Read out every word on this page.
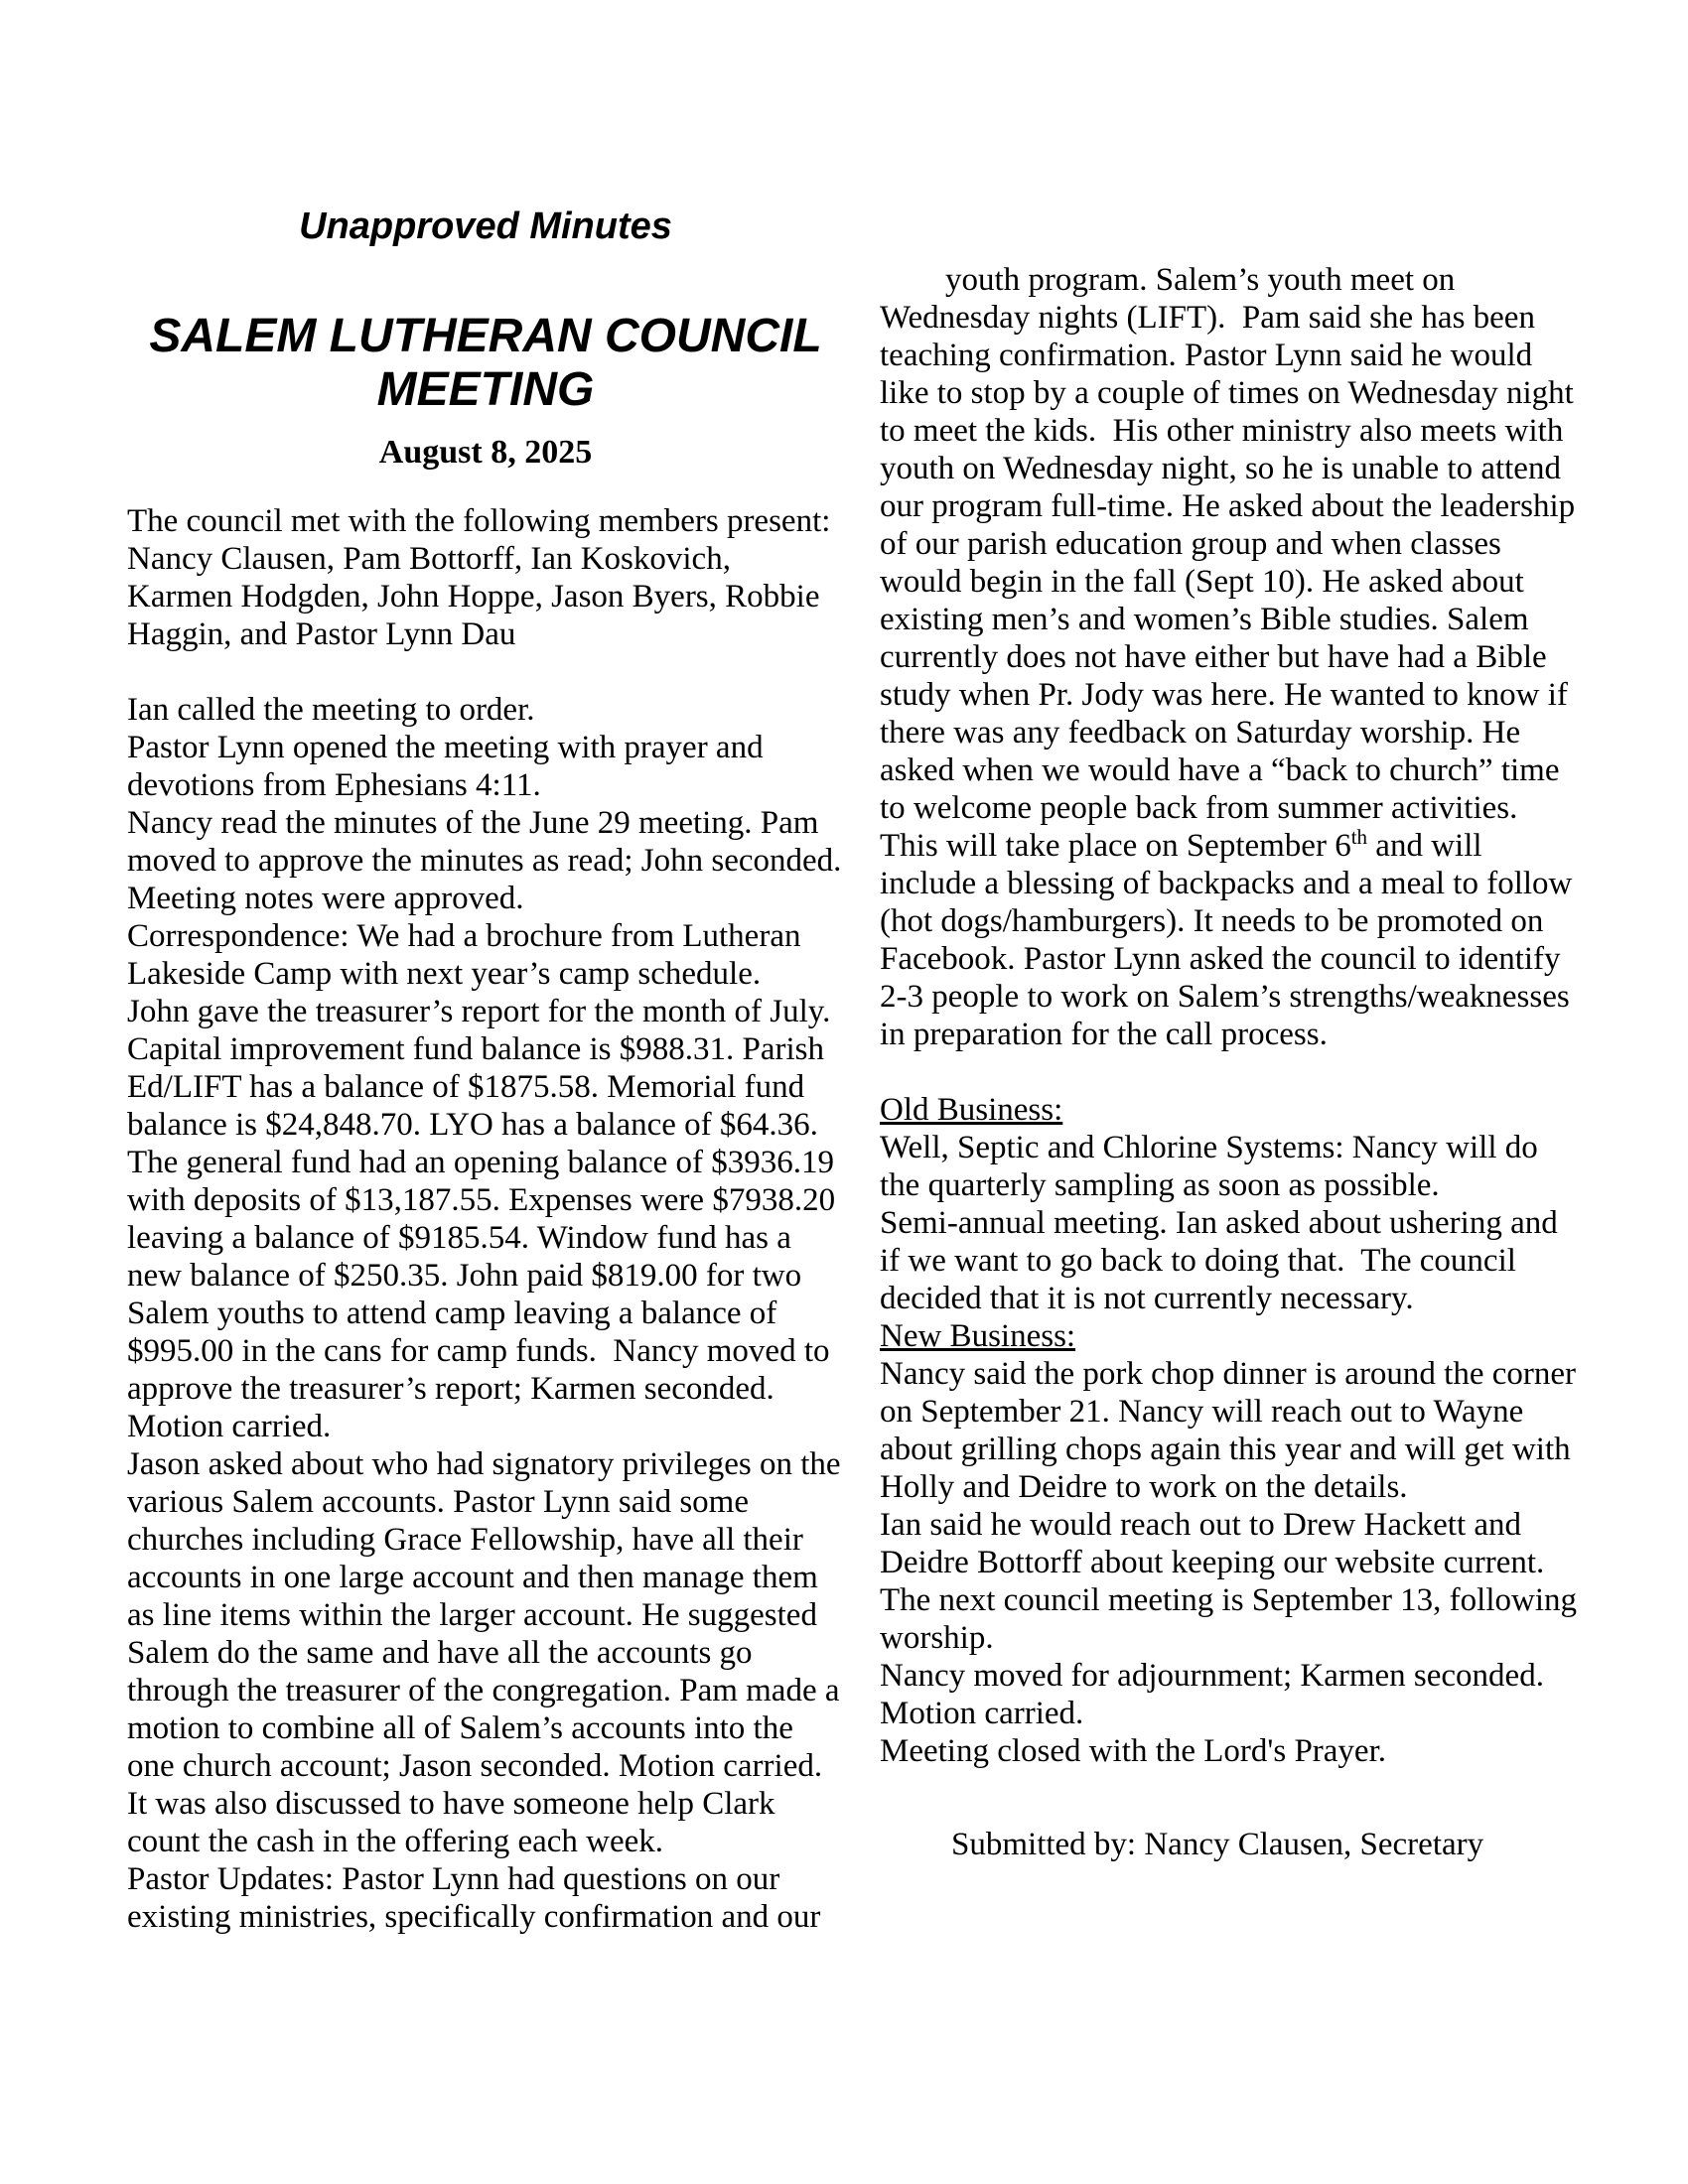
Unapproved Minutes
SALEM LUTHERAN COUNCIL
MEETING
August 8, 2025

The council met with the following members present: Nancy Clausen, Pam Bottorff, Ian Koskovich, Karmen Hodgden, John Hoppe, Jason Byers, Robbie Haggin, and Pastor Lynn Dau

Ian called the meeting to order.

Pastor Lynn opened the meeting with prayer and devotions from Ephesians 4:11.

Nancy read the minutes of the June 29 meeting. Pam moved to approve the minutes as read; John seconded. Meeting notes were approved.

Correspondence: We had a brochure from Lutheran Lakeside Camp with next year’s camp schedule.

John gave the treasurer’s report for the month of July. Capital improvement fund balance is $988.31. Parish Ed/LIFT has a balance of $1875.58. Memorial fund balance is $24,848.70. LYO has a balance of $64.36. The general fund had an opening balance of $3936.19 with deposits of $13,187.55. Expenses were $7938.20 leaving a balance of $9185.54. Window fund has a new balance of $250.35. John paid $819.00 for two Salem youths to attend camp leaving a balance of $995.00 in the cans for camp funds.  Nancy moved to approve the treasurer’s report; Karmen seconded. Motion carried.

Jason asked about who had signatory privileges on the various Salem accounts. Pastor Lynn said some churches including Grace Fellowship, have all their accounts in one large account and then manage them as line items within the larger account. He suggested Salem do the same and have all the accounts go through the treasurer of the congregation. Pam made a motion to combine all of Salem’s accounts into the one church account; Jason seconded. Motion carried. It was also discussed to have someone help Clark count the cash in the offering each week.

Pastor Updates: Pastor Lynn had questions on our existing ministries, specifically confirmation and our

youth program. Salem’s youth meet on Wednesday nights (LIFT).  Pam said she has been teaching confirmation. Pastor Lynn said he would like to stop by a couple of times on Wednesday night to meet the kids.  His other ministry also meets with youth on Wednesday night, so he is unable to attend our program full-time. He asked about the leadership of our parish education group and when classes would begin in the fall (Sept 10). He asked about existing men’s and women’s Bible studies. Salem currently does not have either but have had a Bible study when Pr. Jody was here. He wanted to know if there was any feedback on Saturday worship. He asked when we would have a “back to church” time to welcome people back from summer activities. This will take place on September 6th and will include a blessing of backpacks and a meal to follow (hot dogs/hamburgers). It needs to be promoted on Facebook. Pastor Lynn asked the council to identify 2-3 people to work on Salem’s strengths/weaknesses in preparation for the call process.

Old Business:

Well, Septic and Chlorine Systems: Nancy will do the quarterly sampling as soon as possible.

Semi-annual meeting. Ian asked about ushering and if we want to go back to doing that.  The council decided that it is not currently necessary.

New Business:

Nancy said the pork chop dinner is around the corner on September 21. Nancy will reach out to Wayne about grilling chops again this year and will get with Holly and Deidre to work on the details.

Ian said he would reach out to Drew Hackett and Deidre Bottorff about keeping our website current.

The next council meeting is September 13, following worship.

Nancy moved for adjournment; Karmen seconded.

Motion carried.

Meeting closed with the Lord's Prayer.

Submitted by: Nancy Clausen, Secretary
